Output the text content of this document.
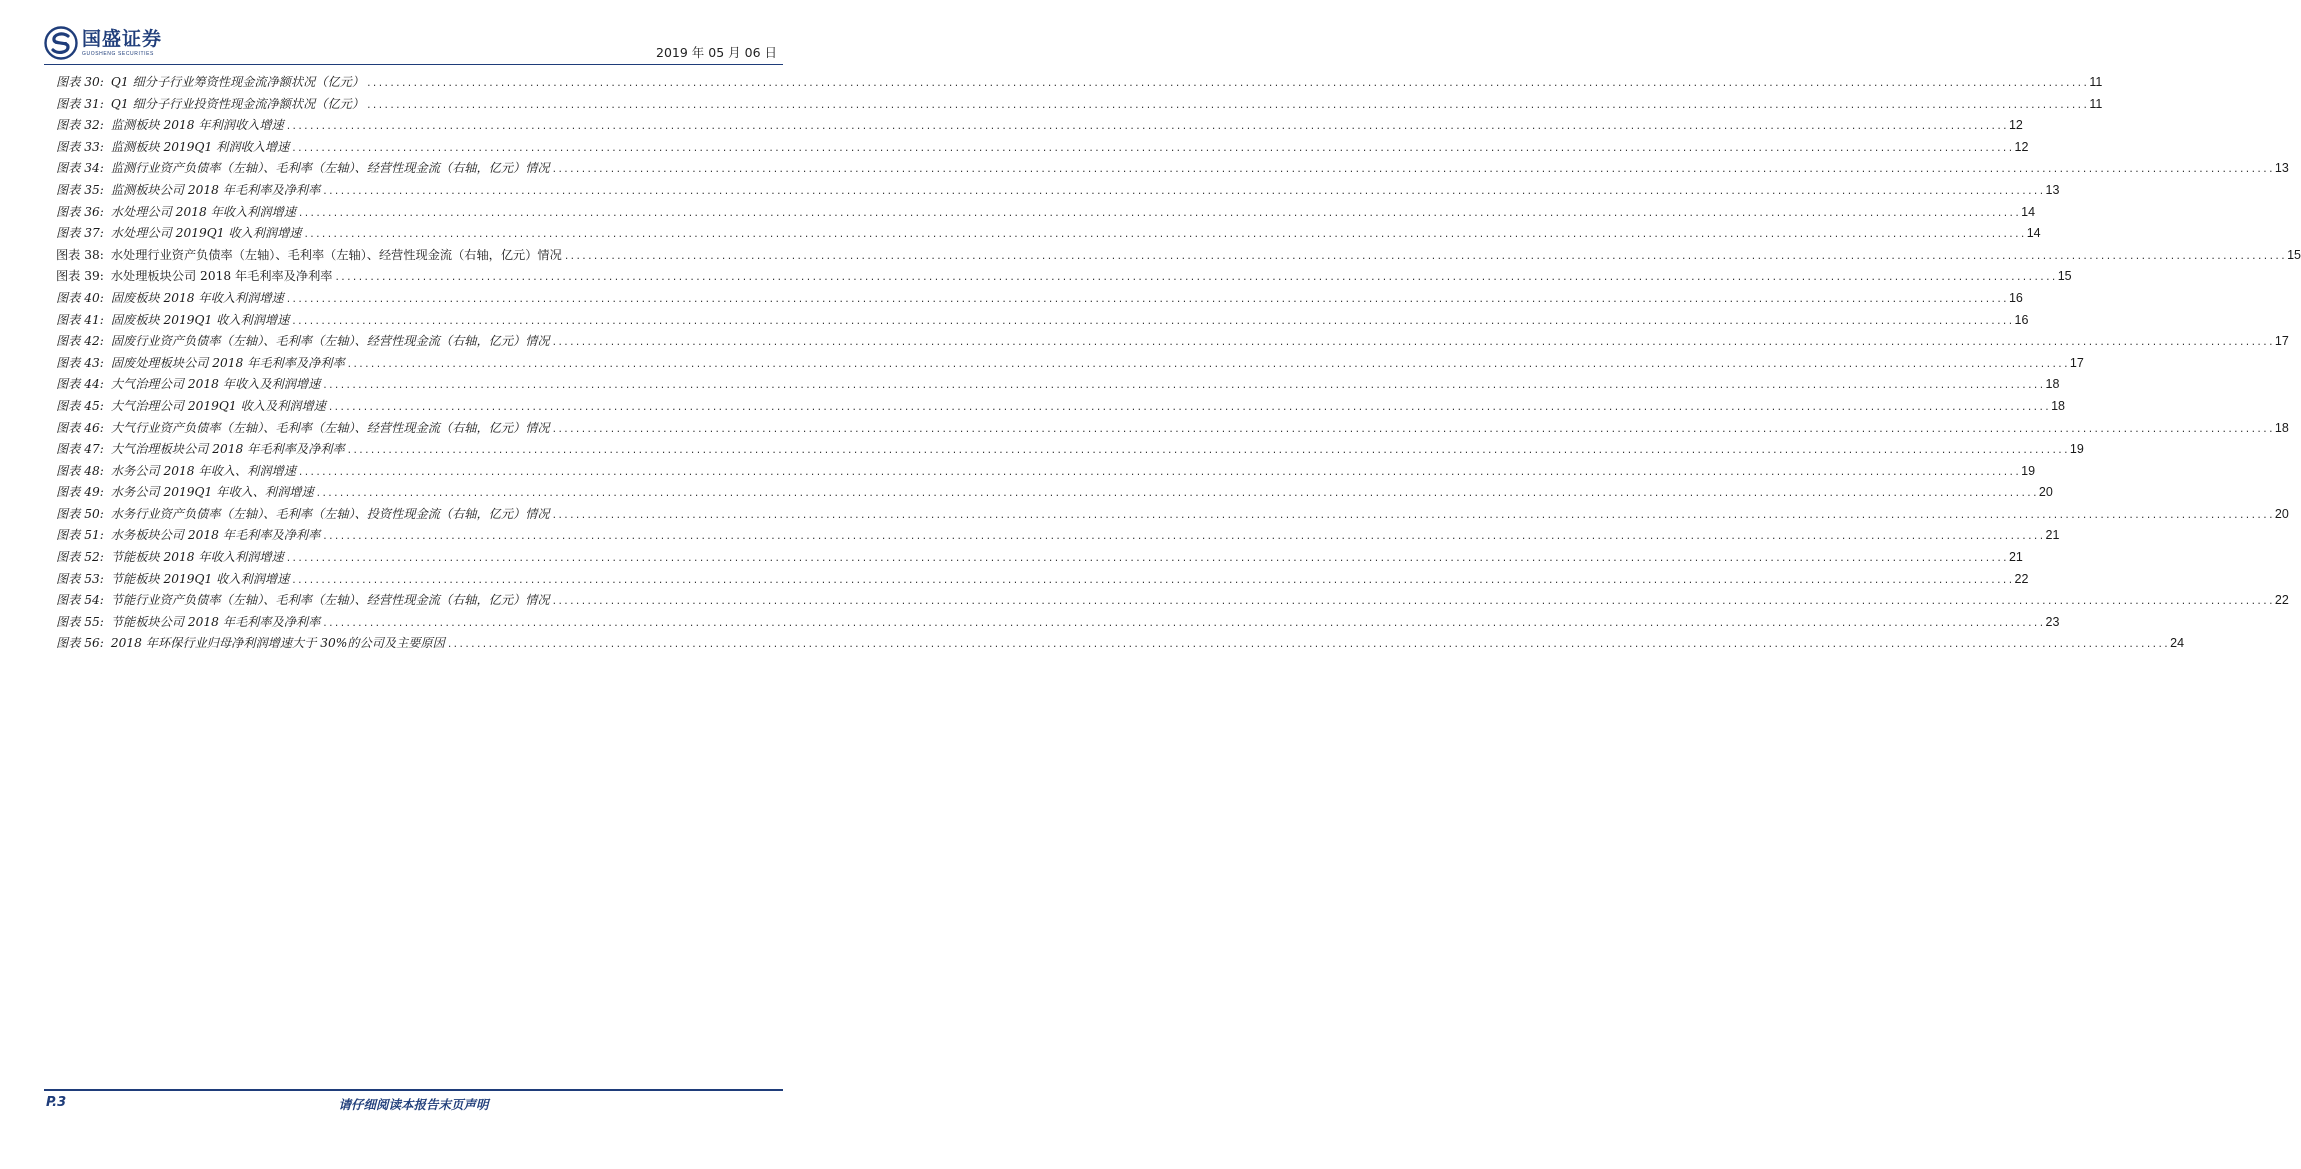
国盛证券
GUOSHENG SECURITIES	2019 年 05 月 06 日
图表 30: Q1 细分子行业筹资性现金流净额状况（亿元） .....	11
图表 31: Q1 细分子行业投资性现金流净额状况（亿元） .....	11
图表 32: 监测板块 2018 年利润收入增速 .....	12
图表 33: 监测板块 2019Q1 利润收入增速 .....	12
图表 34: 监测行业资产负债率（左轴）、毛利率（左轴）、经营性现金流（右轴，亿元）情况 .....	13
图表 35: 监测板块公司 2018 年毛利率及净利率 .....	13
图表 36: 水处理公司 2018 年收入利润增速 .....	14
图表 37: 水处理公司 2019Q1 收入利润增速 .....	14
图表 38: 水处理行业资产负债率（左轴）、毛利率（左轴）、经营性现金流（右轴，亿元）情况 .....	15
图表 39: 水处理板块公司 2018 年毛利率及净利率 .....	15
图表 40: 固废板块 2018 年收入利润增速 .....	16
图表 41: 固废板块 2019Q1 收入利润增速 .....	16
图表 42: 固废行业资产负债率（左轴）、毛利率（左轴）、经营性现金流（右轴，亿元）情况 .....	17
图表 43: 固废处理板块公司 2018 年毛利率及净利率 .....	17
图表 44: 大气治理公司 2018 年收入及利润增速 .....	18
图表 45: 大气治理公司 2019Q1 收入及利润增速 .....	18
图表 46: 大气行业资产负债率（左轴）、毛利率（左轴）、经营性现金流（右轴，亿元）情况 .....	18
图表 47: 大气治理板块公司 2018 年毛利率及净利率 .....	19
图表 48: 水务公司 2018 年收入、利润增速 .....	19
图表 49: 水务公司 2019Q1 年收入、利润增速 .....	20
图表 50: 水务行业资产负债率（左轴）、毛利率（左轴）、投资性现金流（右轴，亿元）情况 .....	20
图表 51: 水务板块公司 2018 年毛利率及净利率 .....	21
图表 52: 节能板块 2018 年收入利润增速 .....	21
图表 53: 节能板块 2019Q1 收入利润增速 .....	22
图表 54: 节能行业资产负债率（左轴）、毛利率（左轴）、经营性现金流（右轴，亿元）情况 .....	22
图表 55: 节能板块公司 2018 年毛利率及净利率 .....	23
图表 56: 2018 年环保行业归母净利润增速大于 30%的公司及主要原因 .....	24
P.3	请仔细阅读本报告末页声明
